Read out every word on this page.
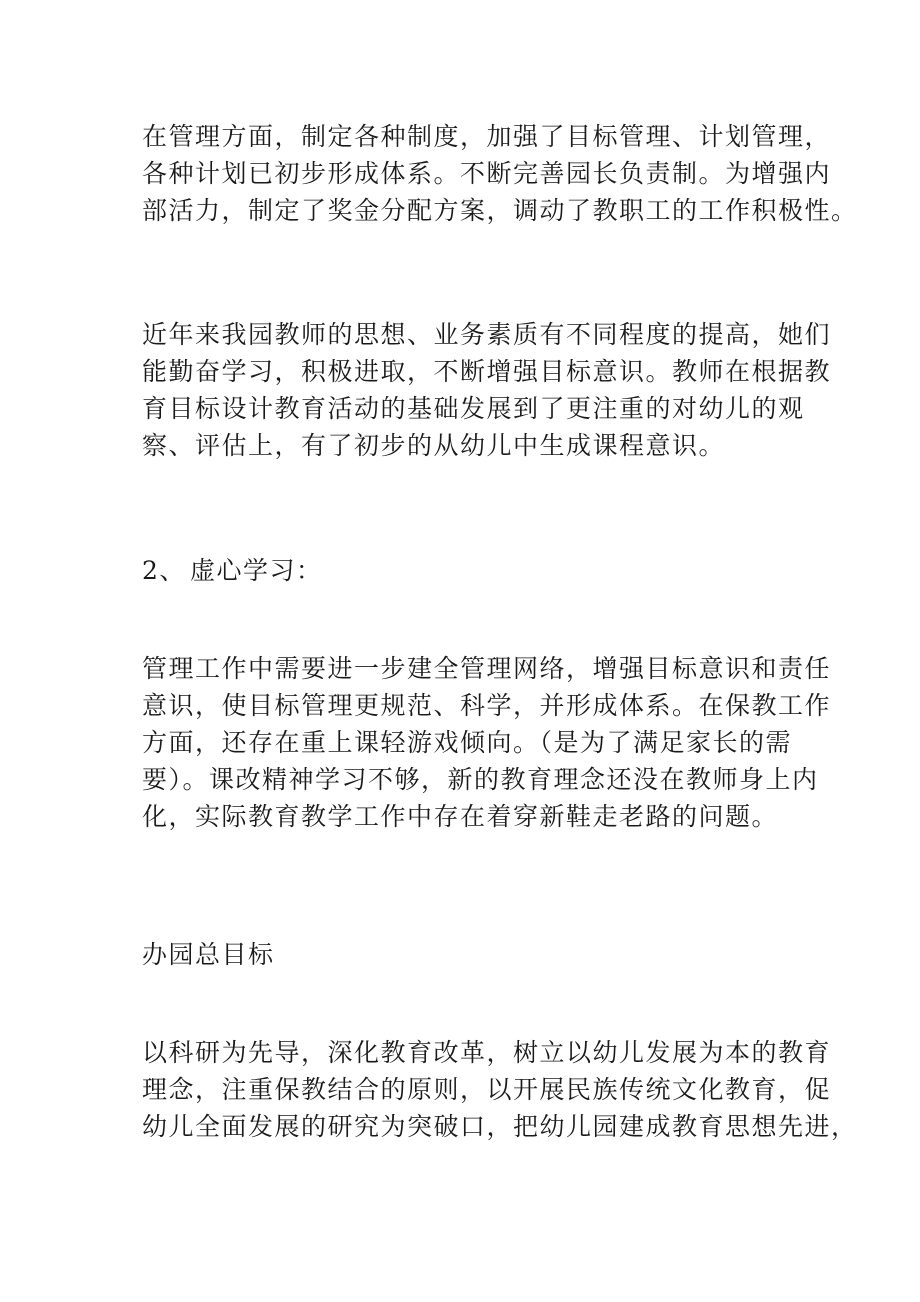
在管理方面，制定各种制度，加强了目标管理、计划管理，
各种计划已初步形成体系。不断完善园长负责制。为增强内
部活力，制定了奖金分配方案，调动了教职工的工作积极性。

近年来我园教师的思想、业务素质有不同程度的提高，她们
能勤奋学习，积极进取，不断增强目标意识。教师在根据教
育目标设计教育活动的基础发展到了更注重的对幼儿的观
察、评估上，有了初步的从幼儿中生成课程意识。

2、 虚心学习：

管理工作中需要进一步建全管理网络，增强目标意识和责任
意识，使目标管理更规范、科学，并形成体系。在保教工作
方面，还存在重上课轻游戏倾向。（是为了满足家长的需
要）。课改精神学习不够，新的教育理念还没在教师身上内
化，实际教育教学工作中存在着穿新鞋走老路的问题。

办园总目标

以科研为先导，深化教育改革，树立以幼儿发展为本的教育
理念，注重保教结合的原则，以开展民族传统文化教育，促
幼儿全面发展的研究为突破口，把幼儿园建成教育思想先进，
